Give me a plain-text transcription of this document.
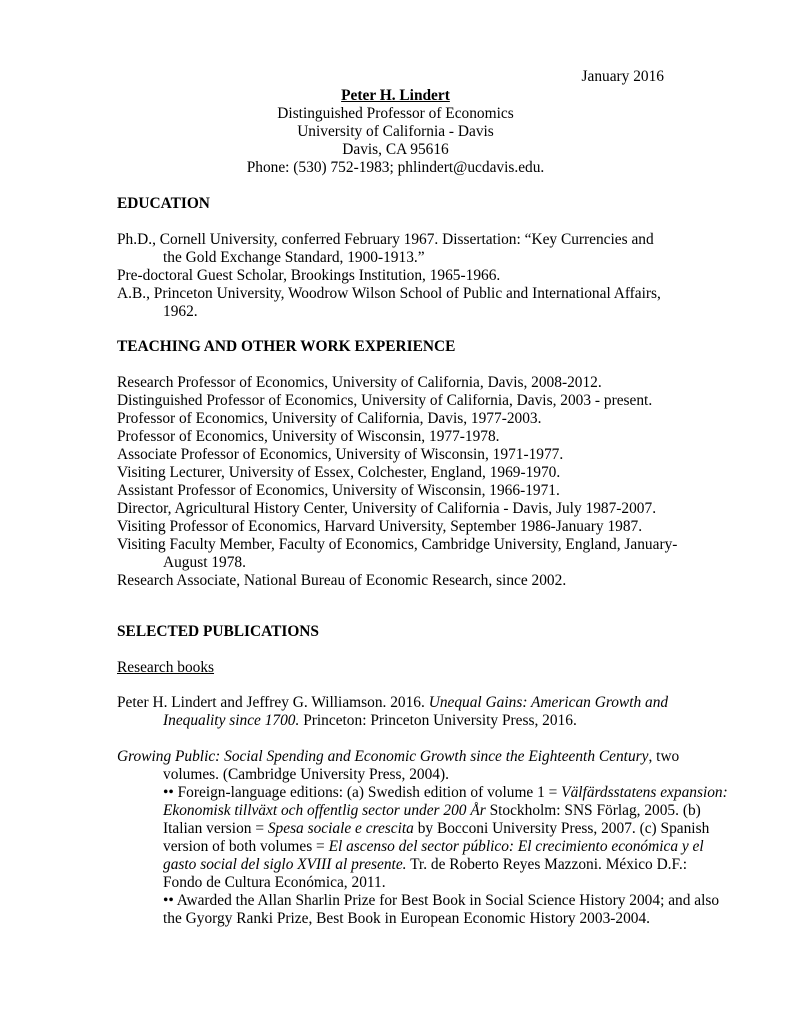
January 2016
Peter H. Lindert
Distinguished Professor of Economics
University of California - Davis
Davis, CA 95616
Phone: (530) 752-1983; phlindert@ucdavis.edu.
EDUCATION
Ph.D., Cornell University, conferred February 1967. Dissertation: “Key Currencies and
the Gold Exchange Standard, 1900-1913.”
Pre-doctoral Guest Scholar, Brookings Institution, 1965-1966.
A.B., Princeton University, Woodrow Wilson School of Public and International Affairs,
1962.
TEACHING AND OTHER WORK EXPERIENCE
Research Professor of Economics, University of California, Davis, 2008-2012.
Distinguished Professor of Economics, University of California, Davis, 2003 - present.
Professor of Economics, University of California, Davis, 1977-2003.
Professor of Economics, University of Wisconsin, 1977-1978.
Associate Professor of Economics, University of Wisconsin, 1971-1977.
Visiting Lecturer, University of Essex, Colchester, England, 1969-1970.
Assistant Professor of Economics, University of Wisconsin, 1966-1971.
Director, Agricultural History Center, University of California - Davis, July 1987-2007.
Visiting Professor of Economics, Harvard University, September 1986-January 1987.
Visiting Faculty Member, Faculty of Economics, Cambridge University, England, January-
August 1978.
Research Associate, National Bureau of Economic Research, since 2002.
SELECTED PUBLICATIONS
Research books
Peter H. Lindert and Jeffrey G. Williamson. 2016. Unequal Gains: American Growth and
Inequality since 1700. Princeton: Princeton University Press, 2016.
Growing Public: Social Spending and Economic Growth since the Eighteenth Century, two
volumes. (Cambridge University Press, 2004).
•• Foreign-language editions: (a) Swedish edition of volume 1 = Välfärdsstatens expansion:
Ekonomisk tillväxt och offentlig sector under 200 År Stockholm: SNS Förlag, 2005. (b)
Italian version = Spesa sociale e crescita by Bocconi University Press, 2007. (c) Spanish
version of both volumes = El ascenso del sector público: El crecimiento económica y el
gasto social del siglo XVIII al presente. Tr. de Roberto Reyes Mazzoni. México D.F.:
Fondo de Cultura Económica, 2011.
•• Awarded the Allan Sharlin Prize for Best Book in Social Science History 2004; and also
the Gyorgy Ranki Prize, Best Book in European Economic History 2003-2004.
